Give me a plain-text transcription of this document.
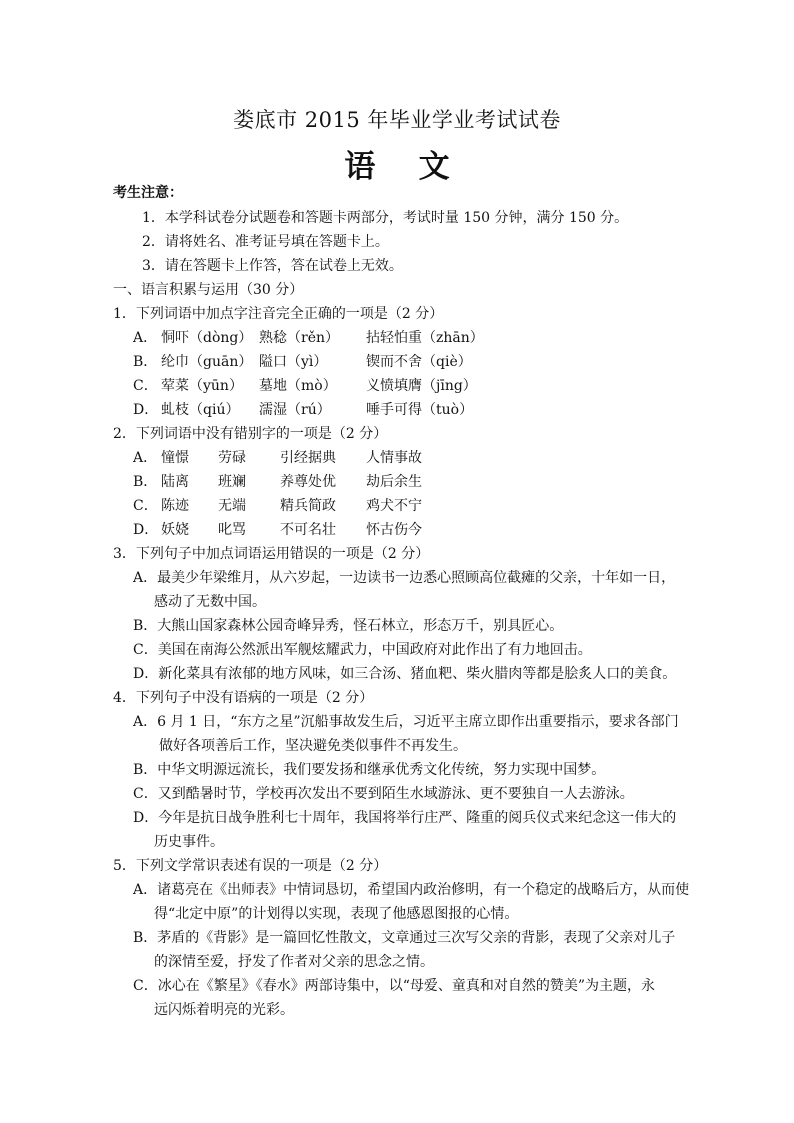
娄底市 2015 年毕业学业考试试卷
语    文
考生注意：
1．本学科试卷分试题卷和答题卡两部分，考试时量 150 分钟，满分 150 分。
2．请将姓名、准考证号填在答题卡上。
3．请在答题卡上作答，答在试卷上无效。
一、语言积累与运用（30 分）
1．下列词语中加点字注音完全正确的一项是（2 分）
A． 恫吓（dòng） 熟稔（rěn） 拈轻怕重（zhān）
B． 纶巾（guān） 隘口（yì）	锲而不舍（qiè）
C． 荤菜（yūn） 墓地（mò） 义愤填膺（jīng）
D． 虬枝（qiú） 濡湿（rú）	唾手可得（tuò）
2．下列词语中没有错别字的一项是（2 分）
A． 憧憬 劳碌 引经据典 人情事故
B． 陆离 班斓 养尊处优 劫后余生
C． 陈迹 无端 精兵简政 鸡犬不宁
D． 妖娆 叱骂 不可名壮 怀古伤今
3．下列句子中加点词语运用错误的一项是（2 分）
A．最美少年梁维月，从六岁起，一边读书一边悉心照顾高位截瘫的父亲，十年如一日，
感动了无数中国。
B．大熊山国家森林公园奇峰异秀，怪石林立，形态万千，别具匠心。
C．美国在南海公然派出军舰炫耀武力，中国政府对此作出了有力地回击。
D．新化菜具有浓郁的地方风味，如三合汤、猪血粑、柴火腊肉等都是脍炙人口的美食。
4．下列句子中没有语病的一项是（2 分）
A．6 月 1 日，“东方之星”沉船事故发生后，习近平主席立即作出重要指示，要求各部门
做好各项善后工作，坚决避免类似事件不再发生。
B．中华文明源远流长，我们要发扬和继承优秀文化传统，努力实现中国梦。
C．又到酷暑时节，学校再次发出不要到陌生水域游泳、更不要独自一人去游泳。
D．今年是抗日战争胜利七十周年，我国将举行庄严、隆重的阅兵仪式来纪念这一伟大的
历史事件。
5．下列文学常识表述有误的一项是（2 分）
A．诸葛亮在《出师表》中情词恳切，希望国内政治修明，有一个稳定的战略后方，从而使
得“北定中原”的计划得以实现，表现了他感恩图报的心情。
B．茅盾的《背影》是一篇回忆性散文，文章通过三次写父亲的背影，表现了父亲对儿子
的深情至爱，抒发了作者对父亲的思念之情。
C．冰心在《繁星》《春水》两部诗集中，以“母爱、童真和对自然的赞美”为主题，永
远闪烁着明亮的光彩。
